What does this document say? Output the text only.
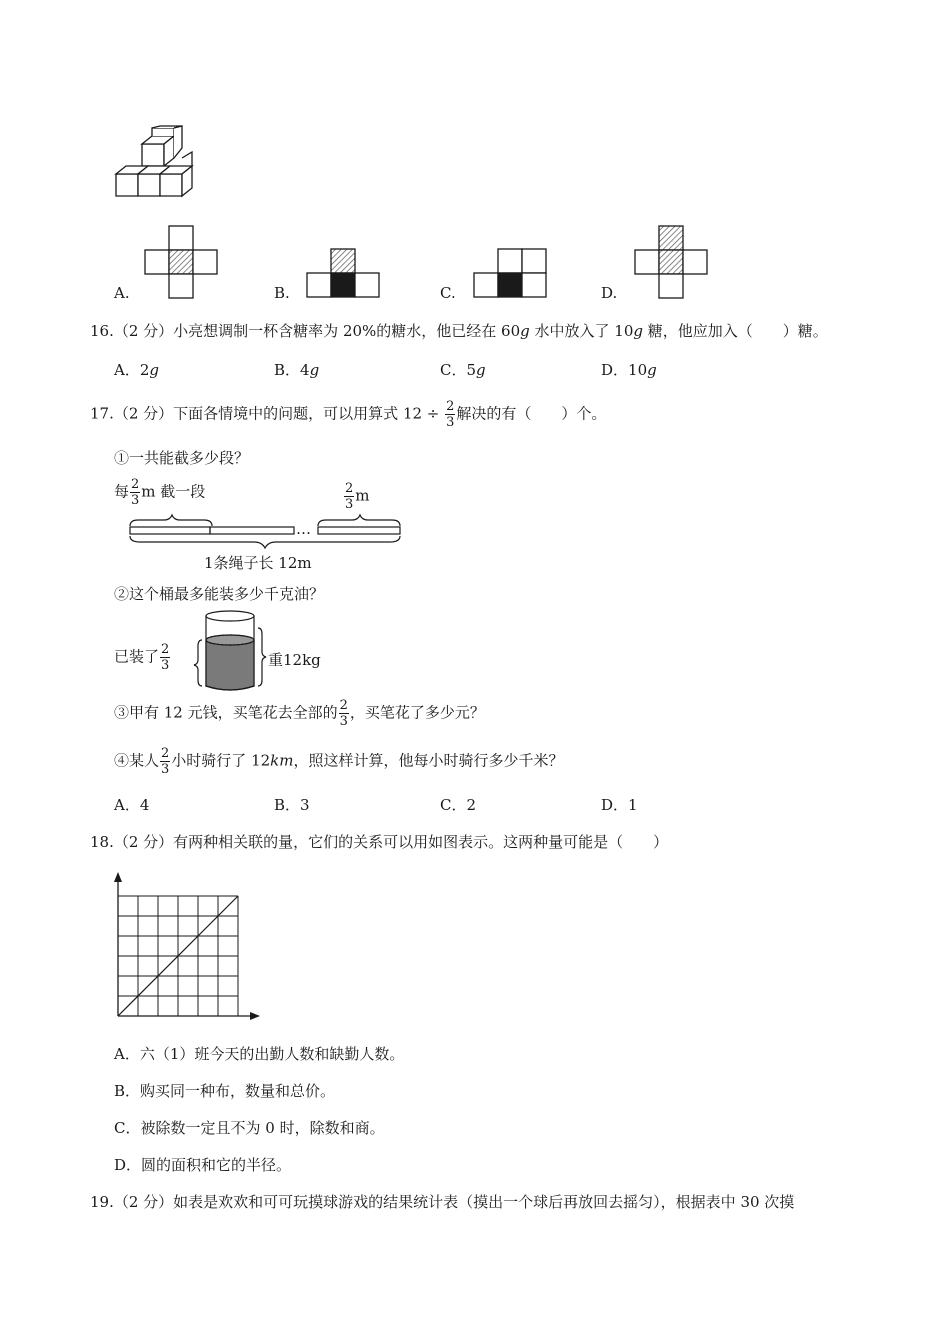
A.	B.	C.	D.
16.（2 分）小亮想调制一杯含糖率为 20%的糖水，他已经在 60g 水中放入了 10g 糖，他应加入（　　）糖。
A．2g	B．4g	C．5g	D．10g
17.（2 分）下面各情境中的问题，可以用算式 $12 \div \frac{2}{3}$ 解决的有（　　）个。
①一共能截多少段？
每 $\frac{2}{3}$ m 截一段	$\frac{2}{3}$ m
…
1条绳子长 12m
②这个桶最多能装多少千克油？
已装了 $\frac{2}{3}$	重12kg
③甲有 12 元钱，买笔花去全部的 $\frac{2}{3}$ ，买笔花了多少元？
④某人 $\frac{2}{3}$ 小时骑行了 12km，照这样计算，他每小时骑行多少千米？
A．4	B．3	C．2	D．1
18.（2 分）有两种相关联的量，它们的关系可以用如图表示。这两种量可能是（　　）
A．六（1）班今天的出勤人数和缺勤人数。
B．购买同一种布，数量和总价。
C．被除数一定且不为 0 时，除数和商。
D．圆的面积和它的半径。
19.（2 分）如表是欢欢和可可玩摸球游戏的结果统计表（摸出一个球后再放回去摇匀），根据表中 30 次摸
